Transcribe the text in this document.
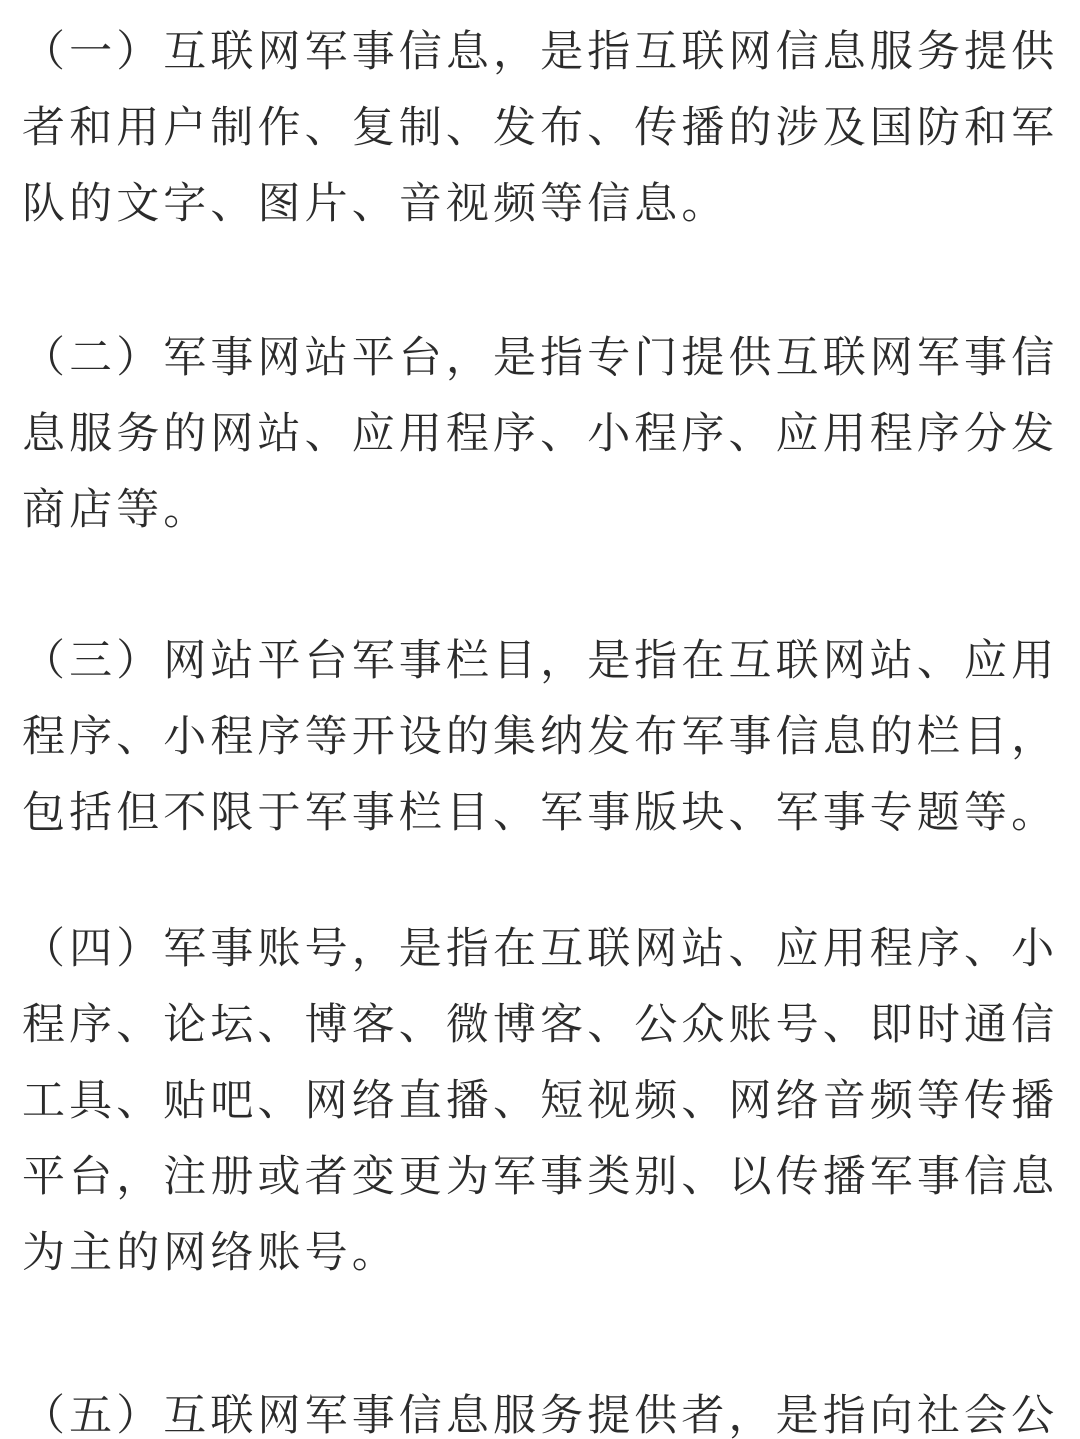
（一）互联网军事信息，是指互联网信息服务提供
者和用户制作、复制、发布、传播的涉及国防和军
队的文字、图片、音视频等信息。

（二）军事网站平台，是指专门提供互联网军事信
息服务的网站、应用程序、小程序、应用程序分发
商店等。

（三）网站平台军事栏目，是指在互联网站、应用
程序、小程序等开设的集纳发布军事信息的栏目，
包括但不限于军事栏目、军事版块、军事专题等。

（四）军事账号，是指在互联网站、应用程序、小
程序、论坛、博客、微博客、公众账号、即时通信
工具、贴吧、网络直播、短视频、网络音频等传播
平台，注册或者变更为军事类别、以传播军事信息
为主的网络账号。

（五）互联网军事信息服务提供者，是指向社会公
